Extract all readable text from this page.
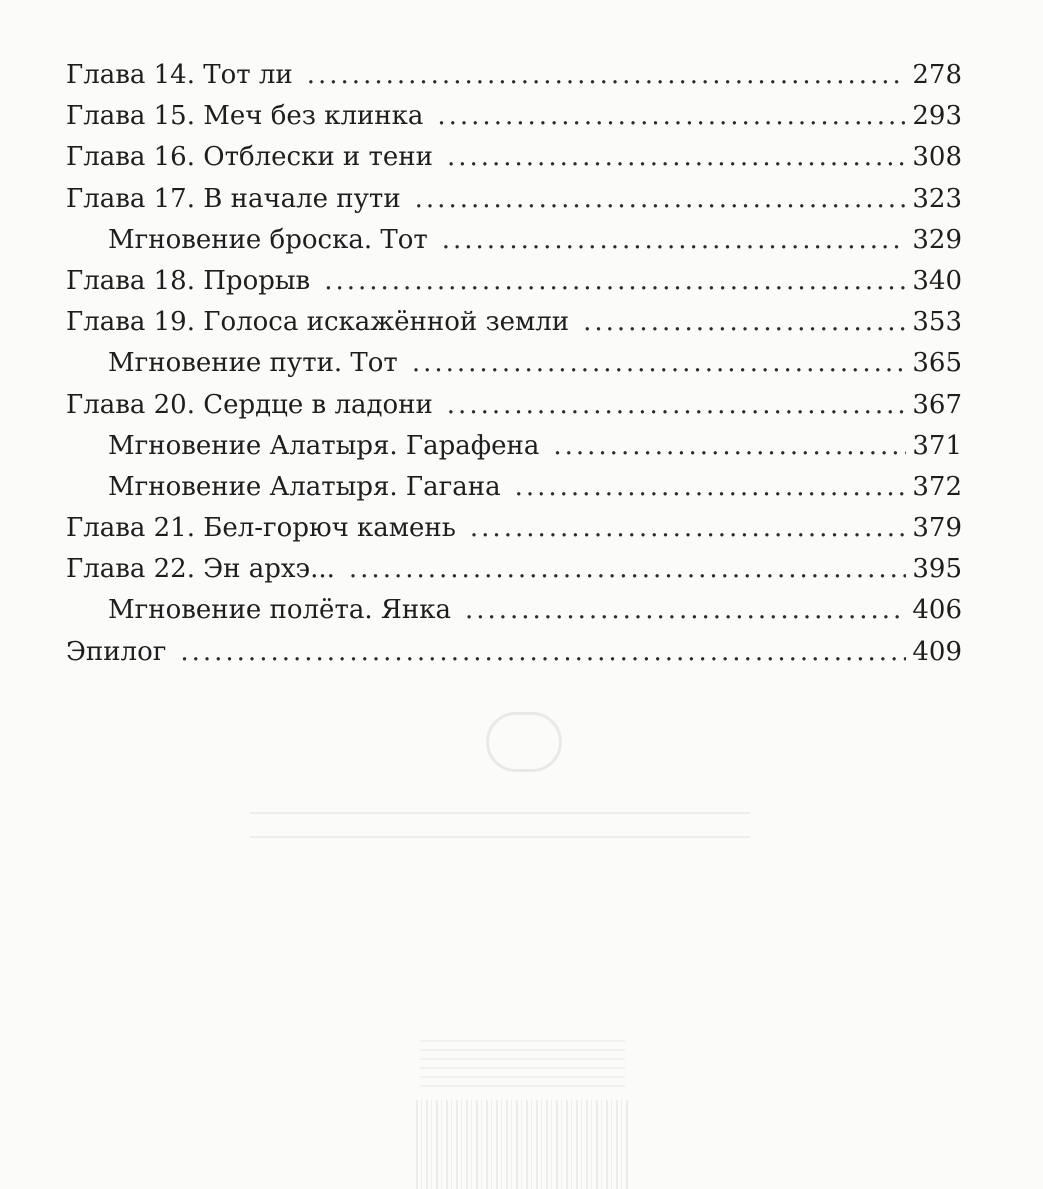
Глава 14. Тот ли .....	278
Глава 15. Меч без клинка .....	293
Глава 16. Отблески и тени .....	308
Глава 17. В начале пути .....	323
Мгновение броска. Тот .....	329
Глава 18. Прорыв .....	340
Глава 19. Голоса искажённой земли .....	353
Мгновение пути. Тот .....	365
Глава 20. Сердце в ладони .....	367
Мгновение Алатыря. Гарафена .....	371
Мгновение Алатыря. Гагана .....	372
Глава 21. Бел-горюч камень .....	379
Глава 22. Эн архэ... .....	395
Мгновение полёта. Янка .....	406
Эпилог .....	409
